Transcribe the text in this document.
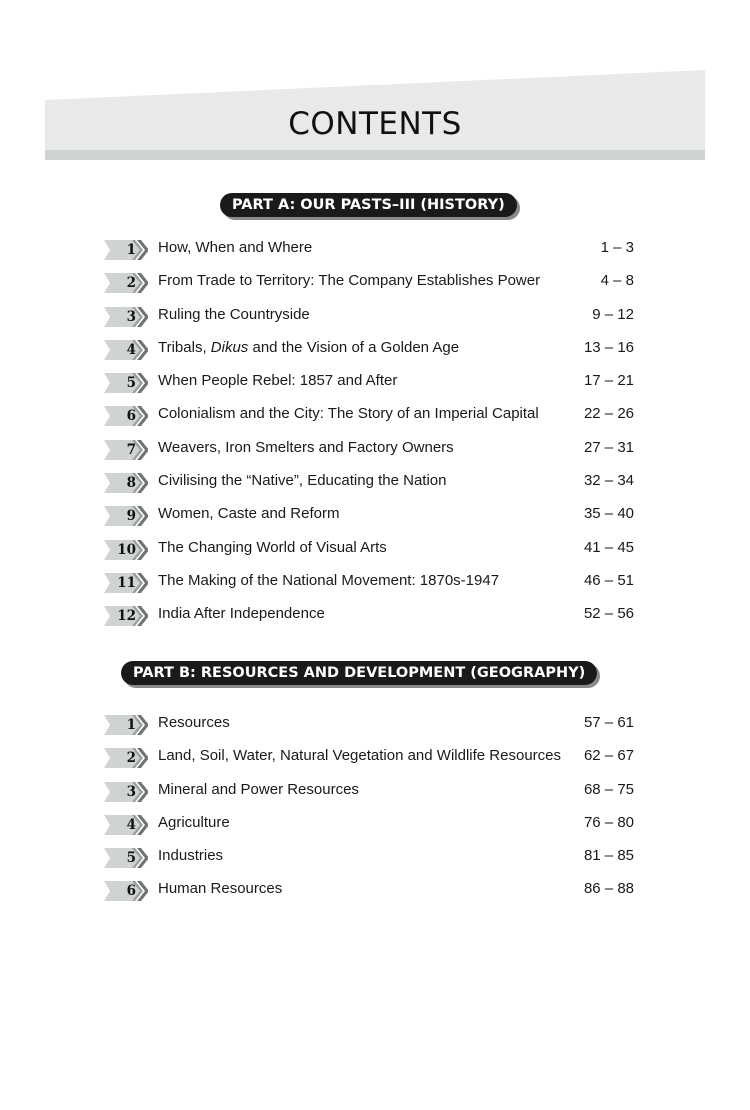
CONTENTS
PART A: OUR PASTS–III (HISTORY)
1 How, When and Where	1 – 3
2 From Trade to Territory: The Company Establishes Power	4 – 8
3 Ruling the Countryside	9 – 12
4 Tribals, Dikus and the Vision of a Golden Age	13 – 16
5 When People Rebel: 1857 and After	17 – 21
6 Colonialism and the City: The Story of an Imperial Capital	22 – 26
7 Weavers, Iron Smelters and Factory Owners	27 – 31
8 Civilising the “Native”, Educating the Nation	32 – 34
9 Women, Caste and Reform	35 – 40
10 The Changing World of Visual Arts	41 – 45
11 The Making of the National Movement: 1870s-1947	46 – 51
12 India After Independence	52 – 56
PART B: RESOURCES AND DEVELOPMENT (GEOGRAPHY)
1 Resources	57 – 61
2 Land, Soil, Water, Natural Vegetation and Wildlife Resources 62 – 67
3 Mineral and Power Resources	68 – 75
4 Agriculture	76 – 80
5 Industries	81 – 85
6 Human Resources	86 – 88
